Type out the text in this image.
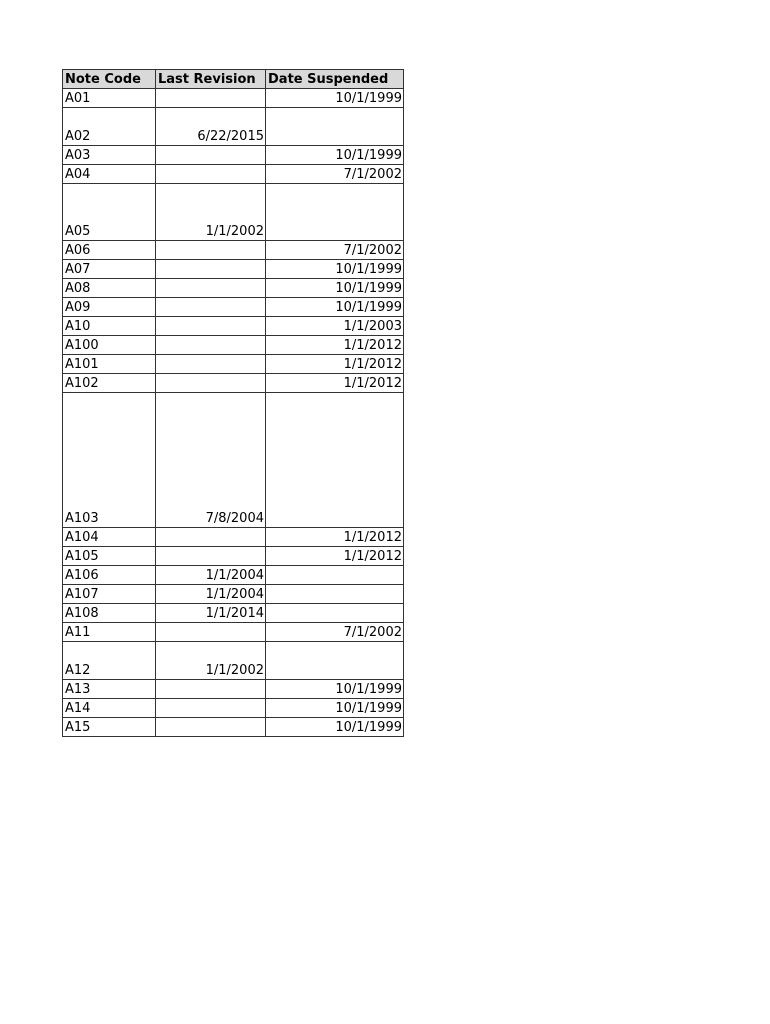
Note Code	Last Revision	Date Suspended
A01		10/1/1999
A02	6/22/2015	
A03		10/1/1999
A04		7/1/2002
A05	1/1/2002	
A06		7/1/2002
A07		10/1/1999
A08		10/1/1999
A09		10/1/1999
A10		1/1/2003
A100		1/1/2012
A101		1/1/2012
A102		1/1/2012
A103	7/8/2004	
A104		1/1/2012
A105		1/1/2012
A106	1/1/2004	
A107	1/1/2004	
A108	1/1/2014	
A11		7/1/2002
A12	1/1/2002	
A13		10/1/1999
A14		10/1/1999
A15		10/1/1999
